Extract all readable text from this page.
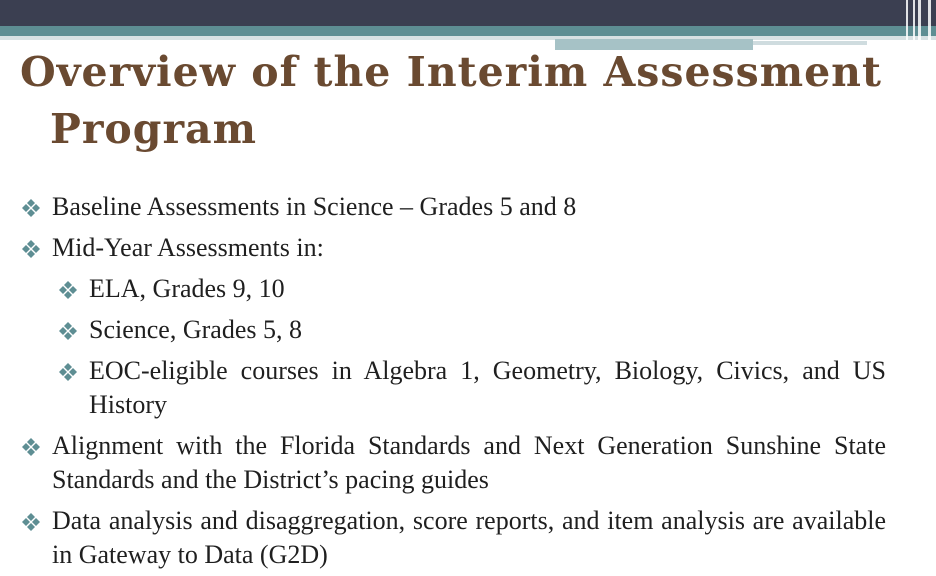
Overview of the Interim Assessment
Program
Baseline Assessments in Science – Grades 5 and 8
Mid-Year Assessments in:
ELA, Grades 9, 10
Science, Grades 5, 8
EOC-eligible courses in Algebra 1, Geometry, Biology, Civics, and US History
Alignment with the Florida Standards and Next Generation Sunshine State Standards and the District’s pacing guides
Data analysis and disaggregation, score reports, and item analysis are available in Gateway to Data (G2D)
